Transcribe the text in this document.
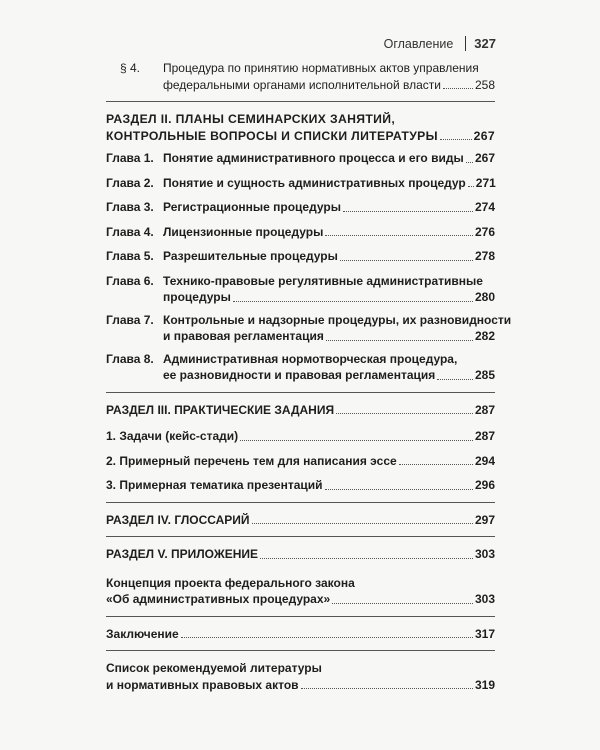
Оглавление 327
§ 4.	Процедура по принятию нормативных актов управления
федеральными органами исполнительной власти	258
РАЗДЕЛ II. ПЛАНЫ СЕМИНАРСКИХ ЗАНЯТИЙ,
КОНТРОЛЬНЫЕ ВОПРОСЫ И СПИСКИ ЛИТЕРАТУРЫ	267
Глава 1. Понятие административного процесса и его виды 267
Глава 2. Понятие и сущность административных процедур 271
Глава 3. Регистрационные процедуры	274
Глава 4. Лицензионные процедуры	276
Глава 5. Разрешительные процедуры	278
Глава 6. Технико-правовые регулятивные административные
процедуры	280
Глава 7. Контрольные и надзорные процедуры, их разновидности
и правовая регламентация	282
Глава 8. Административная нормотворческая процедура,
ее разновидности и правовая регламентация	285
РАЗДЕЛ III. ПРАКТИЧЕСКИЕ ЗАДАНИЯ	287
1. Задачи (кейс-стади)	287
2. Примерный перечень тем для написания эссе	294
3. Примерная тематика презентаций	296
РАЗДЕЛ IV. ГЛОССАРИЙ	297
РАЗДЕЛ V. ПРИЛОЖЕНИЕ	303
Концепция проекта федерального закона
«Об административных процедурах»	303
Заключение	317
Список рекомендуемой литературы
и нормативных правовых актов	319
